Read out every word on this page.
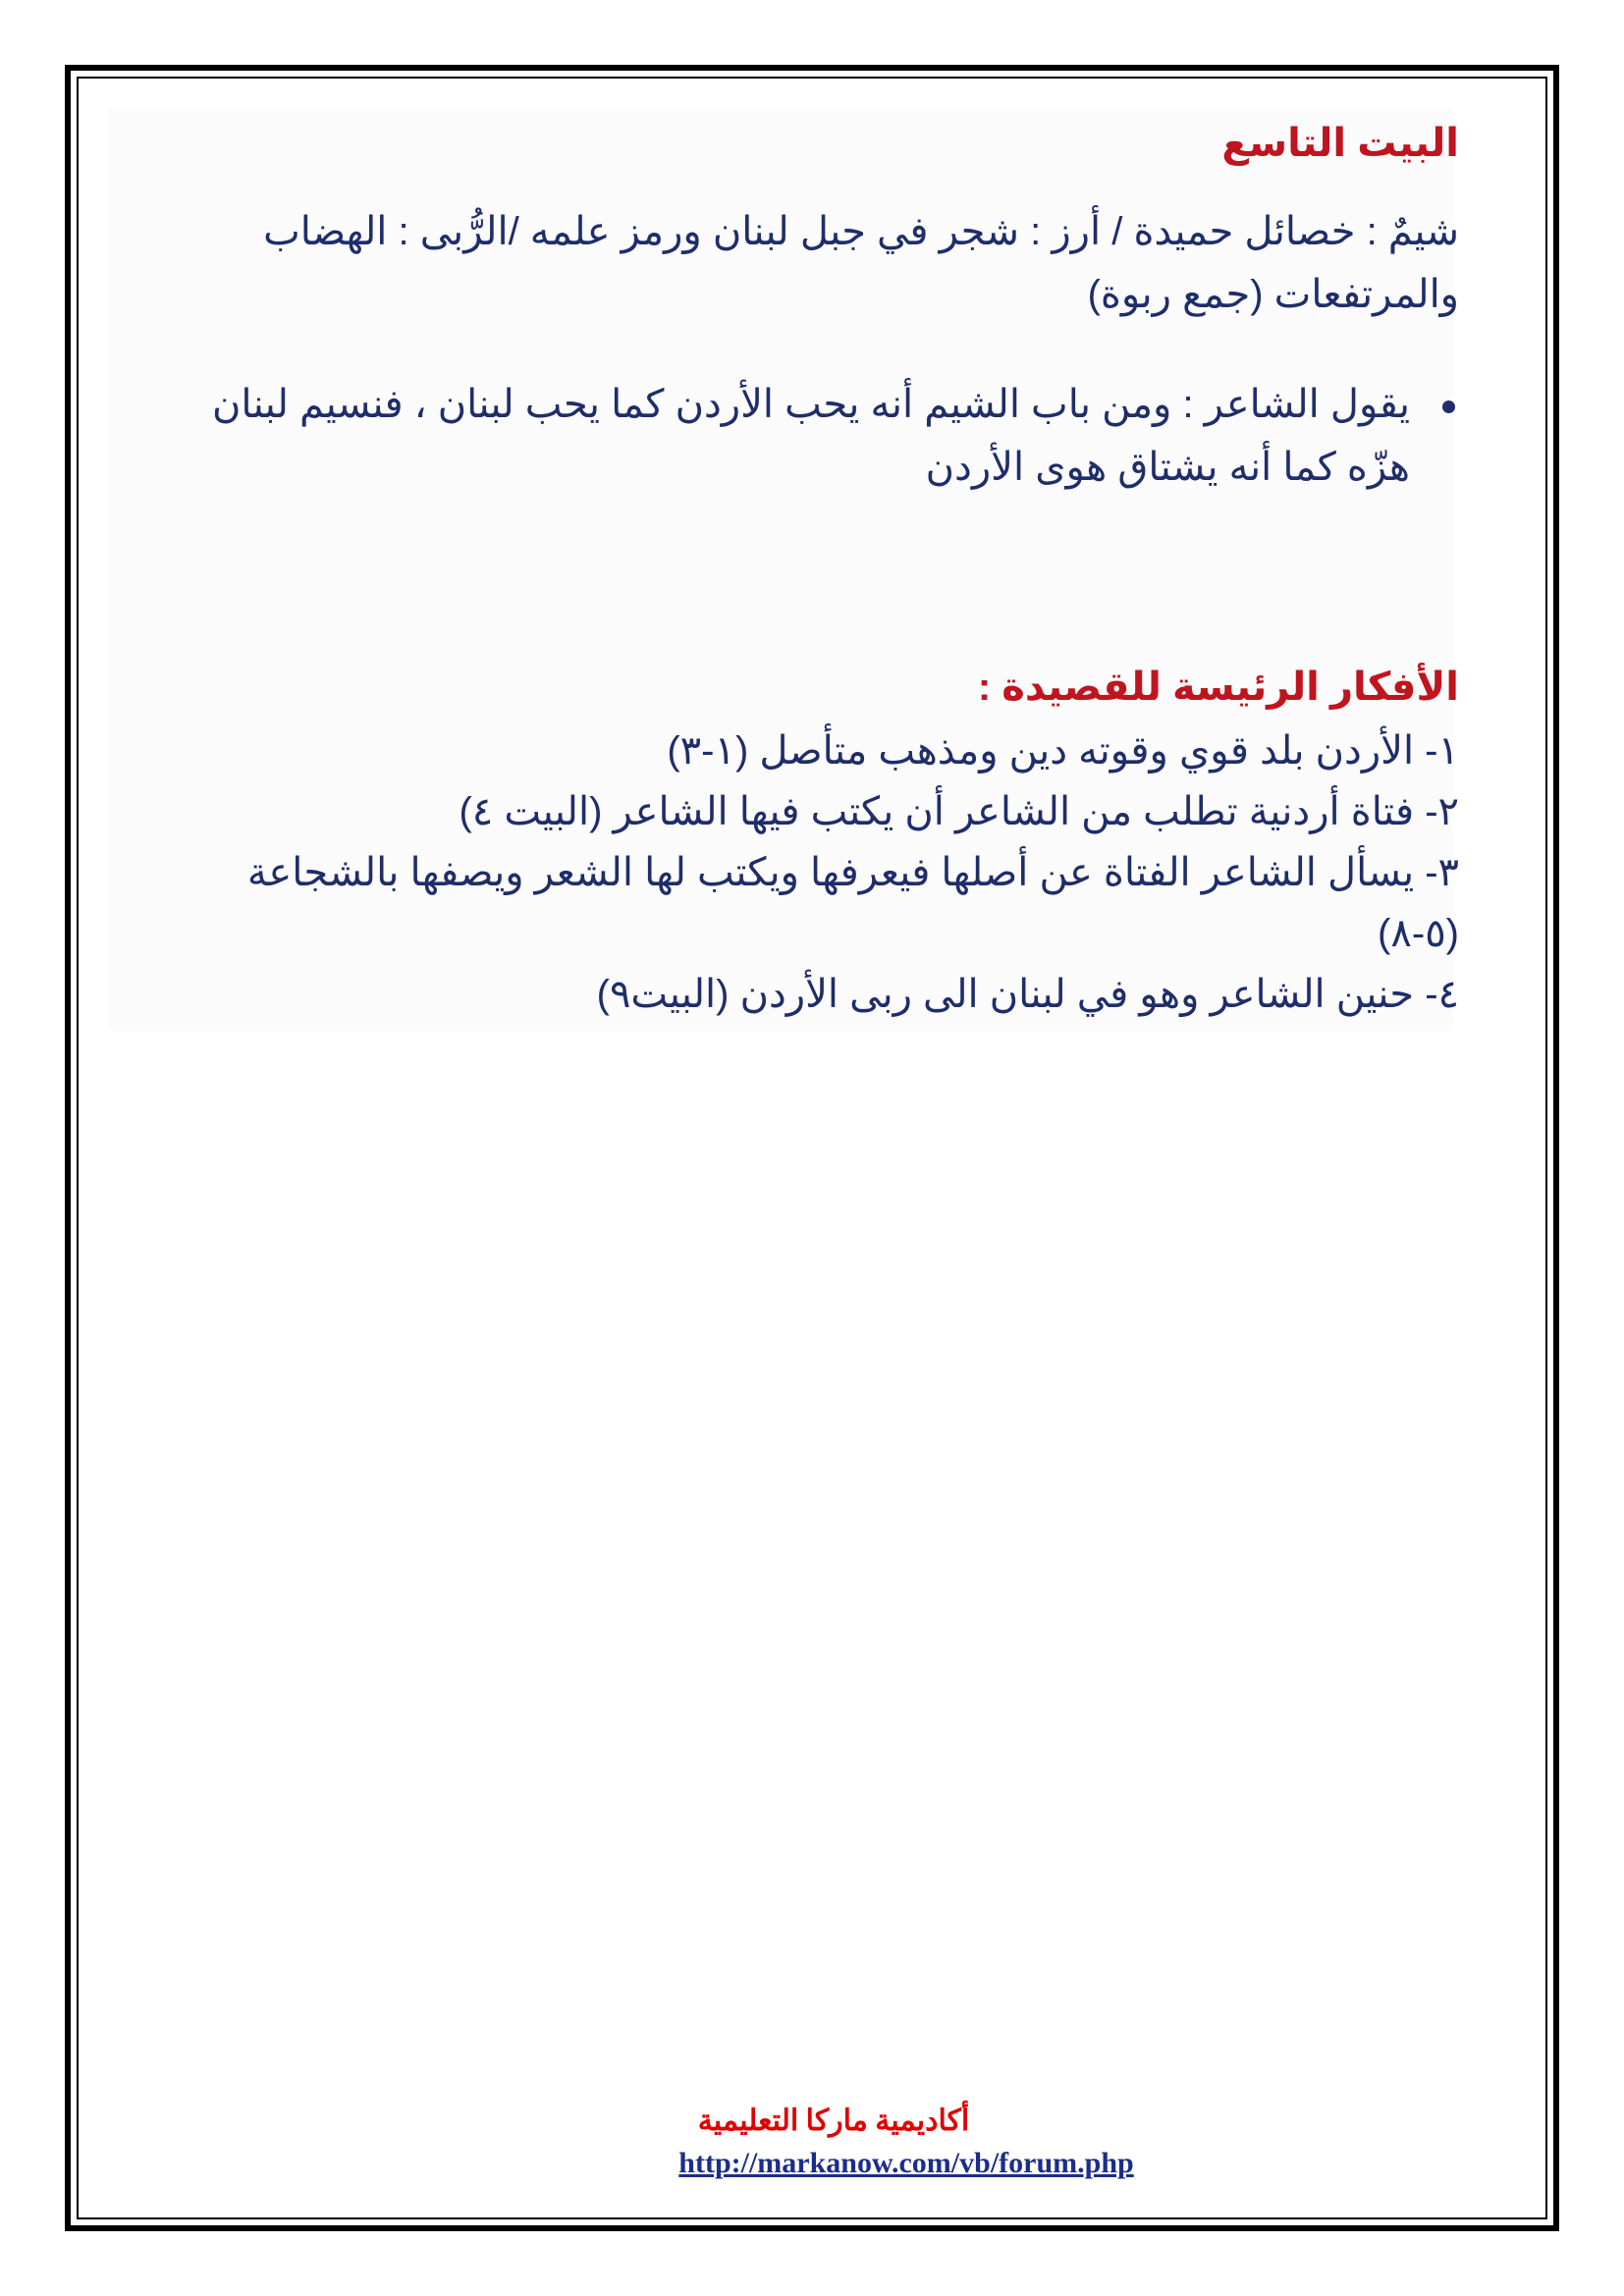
البيت التاسع

شيمٌ : خصائل حميدة / أرز : شجر في جبل لبنان ورمز علمه /الرُّبى : الهضاب والمرتفعات (جمع ربوة)

يقول الشاعر : ومن باب الشيم أنه يحب الأردن كما يحب لبنان ، فنسيم لبنان هزّه كما أنه يشتاق هوى الأردن
الأفكار الرئيسة للقصيدة :
١- الأردن بلد قوي وقوته دين ومذهب متأصل (١-٣)
٢- فتاة أردنية تطلب من الشاعر أن يكتب فيها الشاعر (البيت ٤)
٣- يسأل الشاعر الفتاة عن أصلها فيعرفها ويكتب لها الشعر ويصفها بالشجاعة (٥-٨)
٤- حنين الشاعر وهو في لبنان الى ربى الأردن (البيت٩)
أكاديمية ماركا التعليمية
http://markanow.com/vb/forum.php
